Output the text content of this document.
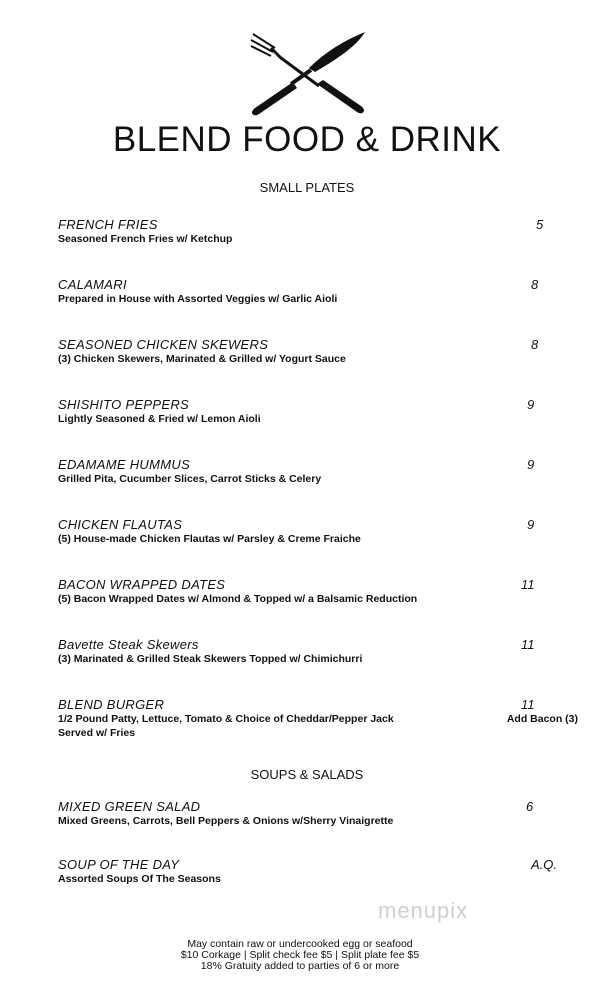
BLEND FOOD & DRINK
SMALL PLATES
FRENCH FRIES
Seasoned French Fries w/ Ketchup
5
CALAMARI
Prepared in House with Assorted Veggies w/ Garlic Aioli
8
SEASONED CHICKEN SKEWERS
(3) Chicken Skewers, Marinated & Grilled w/ Yogurt Sauce
8
SHISHITO PEPPERS
Lightly Seasoned & Fried w/ Lemon Aioli
9
EDAMAME HUMMUS
Grilled Pita, Cucumber Slices, Carrot Sticks & Celery
9
CHICKEN FLAUTAS
(5) House-made Chicken Flautas w/ Parsley & Creme Fraiche
9
BACON WRAPPED DATES
(5) Bacon Wrapped Dates w/ Almond & Topped w/ a Balsamic Reduction
11
Bavette Steak Skewers
(3) Marinated & Grilled Steak Skewers Topped w/ Chimichurri
11
BLEND BURGER
1/2 Pound Patty, Lettuce, Tomato & Choice of Cheddar/Pepper Jack
Served w/ Fries
11
Add Bacon (3)
SOUPS & SALADS
MIXED GREEN SALAD
Mixed Greens, Carrots, Bell Peppers & Onions w/Sherry Vinaigrette
6
SOUP OF THE DAY
Assorted Soups Of The Seasons
A.Q.
menupix
May contain raw or undercooked egg or seafood
$10 Corkage | Split check fee $5 | Split plate fee $5
18% Gratuity added to parties of 6 or more
